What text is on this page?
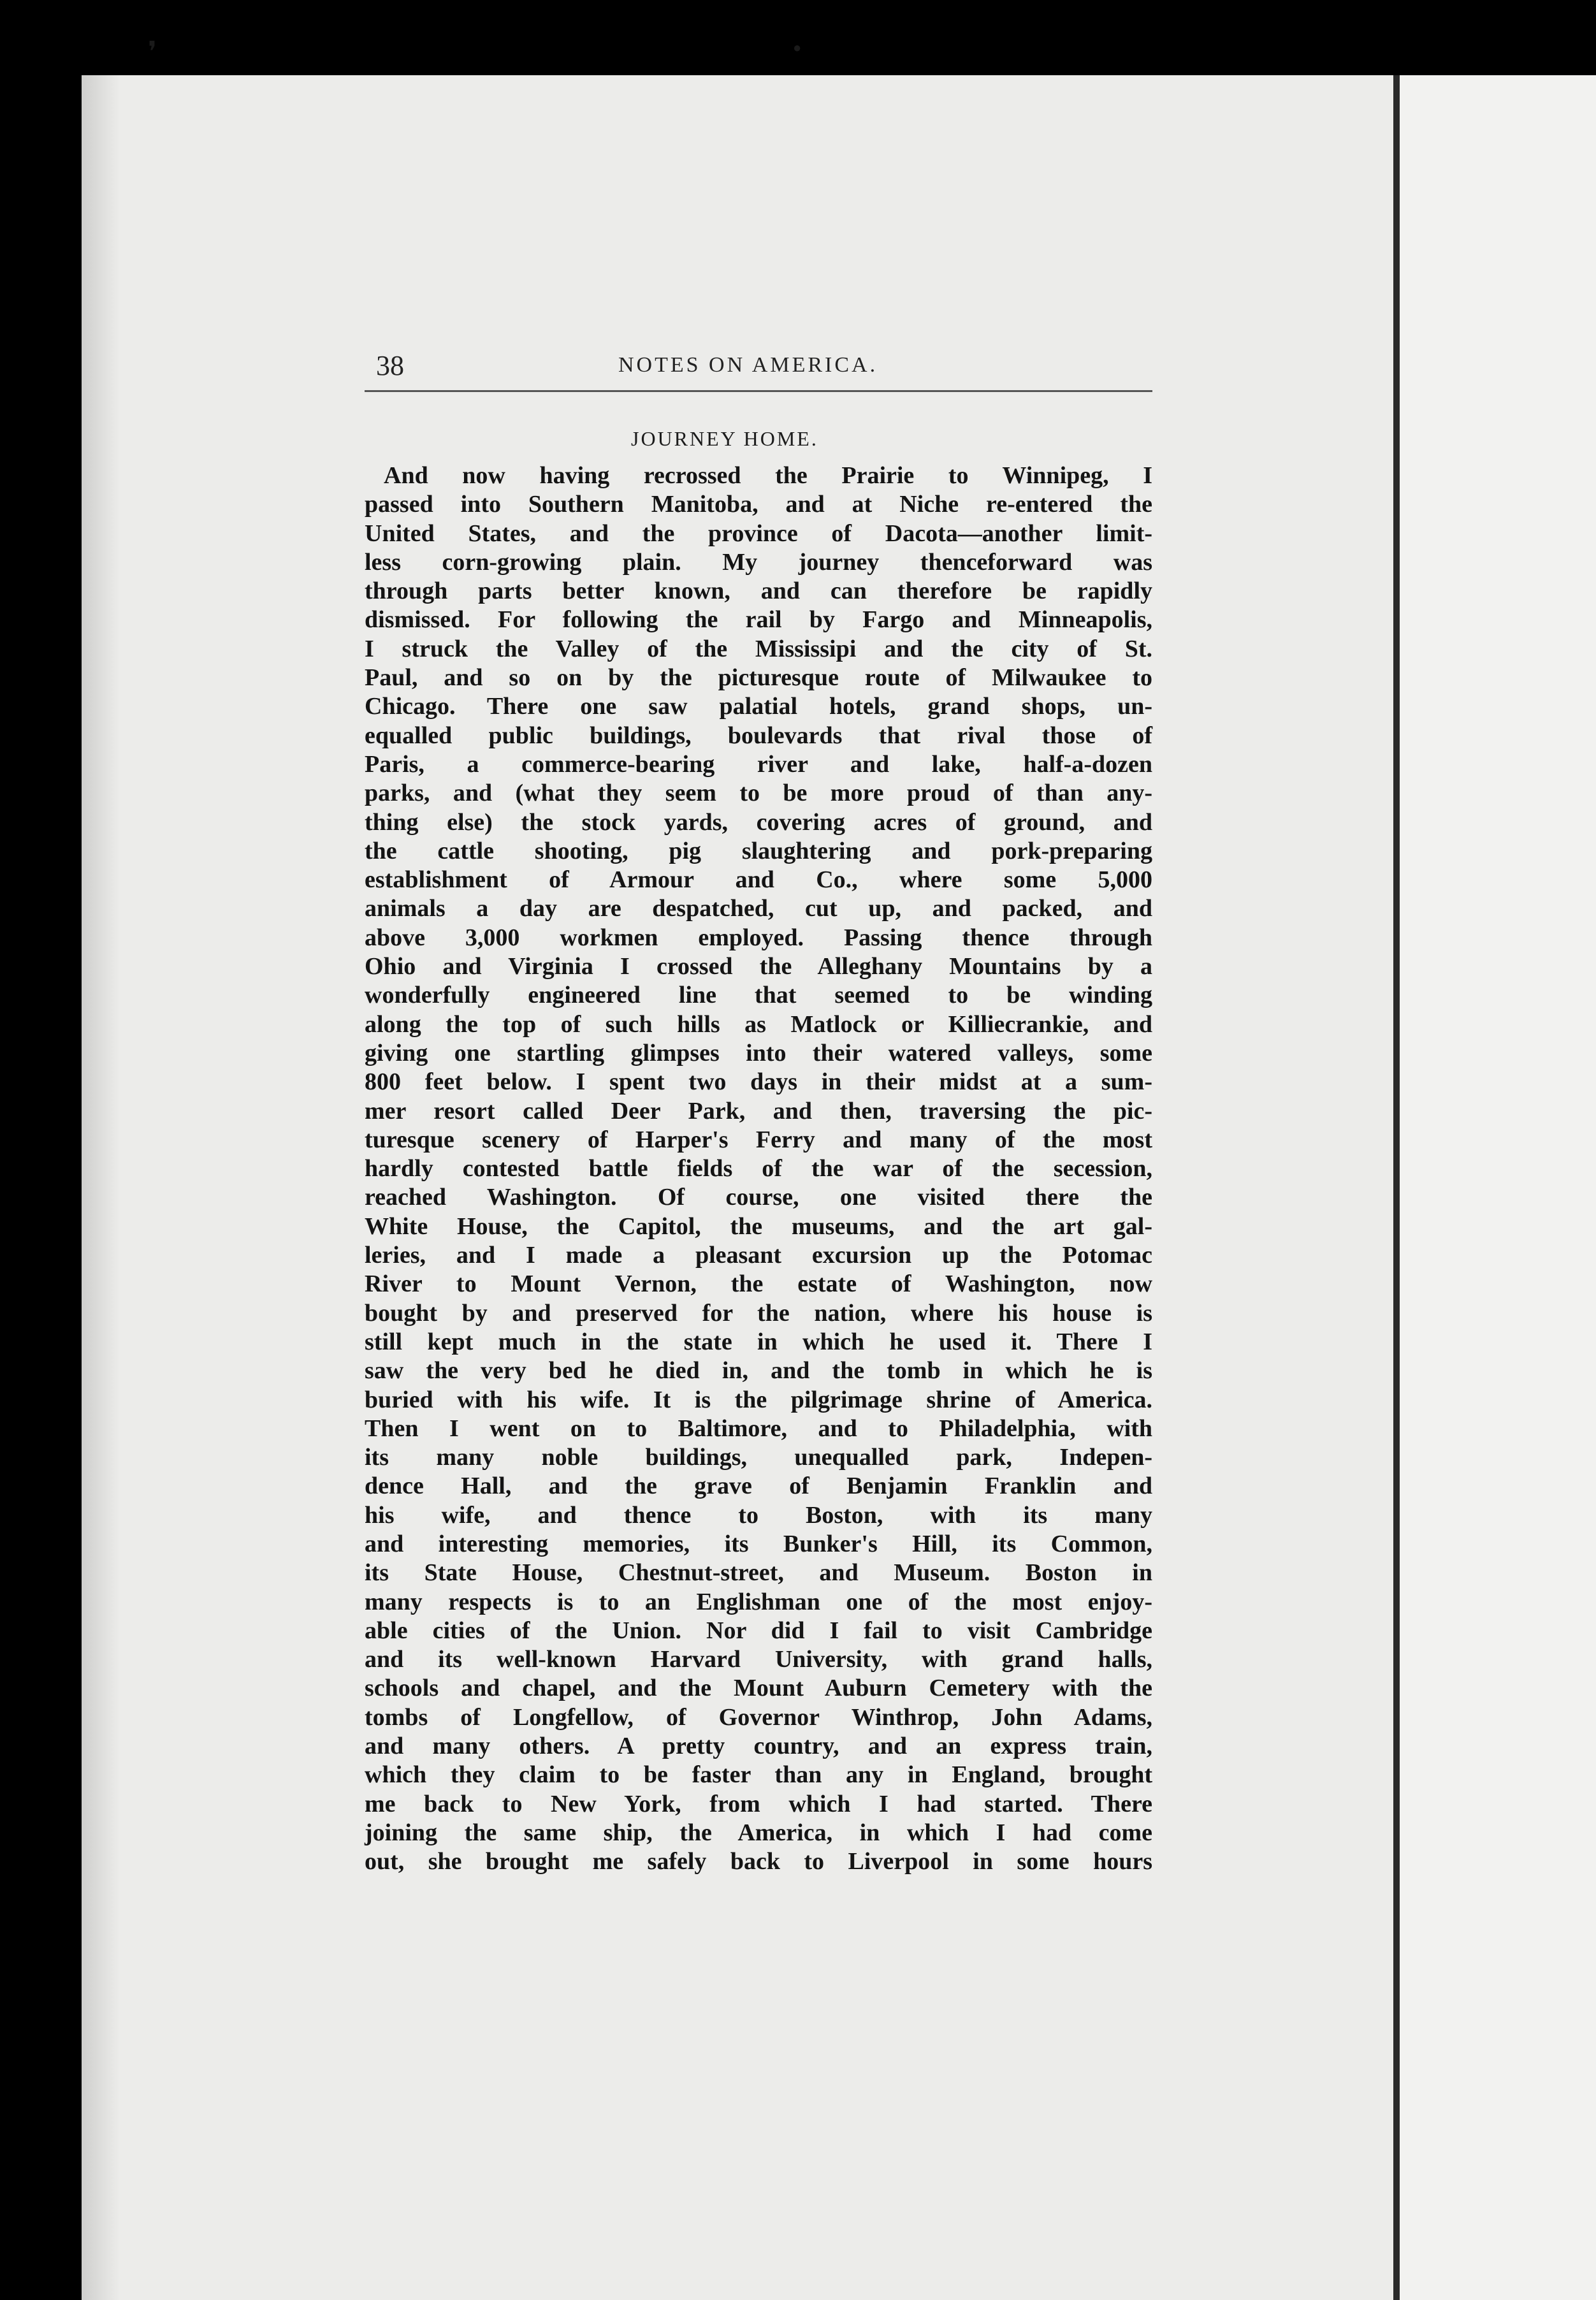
❜	●
38	NOTES ON AMERICA.
JOURNEY HOME.
And now having recrossed the Prairie to Winnipeg, I
passed into Southern Manitoba, and at Niche re-entered the
United States, and the province of Dacota—another limit-
less corn-growing plain. My journey thenceforward was
through parts better known, and can therefore be rapidly
dismissed. For following the rail by Fargo and Minneapolis,
I struck the Valley of the Mississipi and the city of St.
Paul, and so on by the picturesque route of Milwaukee to
Chicago. There one saw palatial hotels, grand shops, un-
equalled public buildings, boulevards that rival those of
Paris, a commerce-bearing river and lake, half-a-dozen
parks, and (what they seem to be more proud of than any-
thing else) the stock yards, covering acres of ground, and
the cattle shooting, pig slaughtering and pork-preparing
establishment of Armour and Co., where some 5,000
animals a day are despatched, cut up, and packed, and
above 3,000 workmen employed. Passing thence through
Ohio and Virginia I crossed the Alleghany Mountains by a
wonderfully engineered line that seemed to be winding
along the top of such hills as Matlock or Killiecrankie, and
giving one startling glimpses into their watered valleys, some
800 feet below. I spent two days in their midst at a sum-
mer resort called Deer Park, and then, traversing the pic-
turesque scenery of Harper's Ferry and many of the most
hardly contested battle fields of the war of the secession,
reached Washington. Of course, one visited there the
White House, the Capitol, the museums, and the art gal-
leries, and I made a pleasant excursion up the Potomac
River to Mount Vernon, the estate of Washington, now
bought by and preserved for the nation, where his house is
still kept much in the state in which he used it. There I
saw the very bed he died in, and the tomb in which he is
buried with his wife. It is the pilgrimage shrine of America.
Then I went on to Baltimore, and to Philadelphia, with
its many noble buildings, unequalled park, Indepen-
dence Hall, and the grave of Benjamin Franklin and
his wife, and thence to Boston, with its many
and interesting memories, its Bunker's Hill, its Common,
its State House, Chestnut-street, and Museum. Boston in
many respects is to an Englishman one of the most enjoy-
able cities of the Union. Nor did I fail to visit Cambridge
and its well-known Harvard University, with grand halls,
schools and chapel, and the Mount Auburn Cemetery with the
tombs of Longfellow, of Governor Winthrop, John Adams,
and many others. A pretty country, and an express train,
which they claim to be faster than any in England, brought
me back to New York, from which I had started. There
joining the same ship, the America, in which I had come
out, she brought me safely back to Liverpool in some hours
